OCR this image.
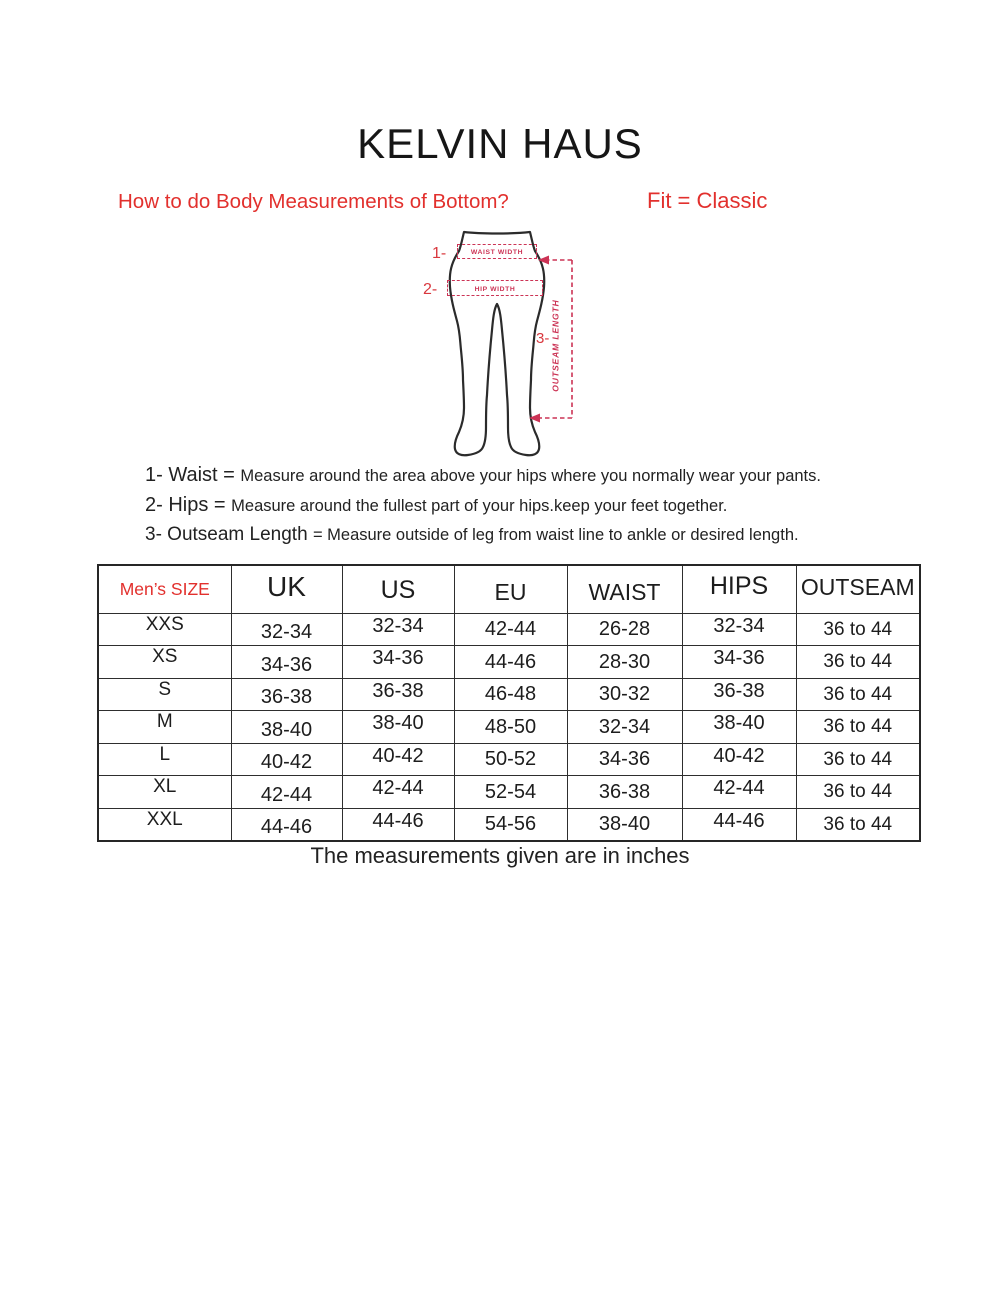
KELVIN HAUS
How to do Body Measurements of Bottom?	Fit = Classic
1-	WAIST WIDTH
2-	HIP WIDTH
3- OUTSEAM LENGTH
1- Waist = Measure around the area above your hips where you normally wear your pants.
2- Hips = Measure around the fullest part of your hips.keep your feet together.
3- Outseam Length = Measure outside of leg from waist line to ankle or desired length.
Men’s SIZE	UK	US	EU	WAIST	HIPS	OUTSEAM
XXS	32-34	32-34	42-44	26-28	32-34	36 to 44
XS	34-36	34-36	44-46	28-30	34-36	36 to 44
S	36-38	36-38	46-48	30-32	36-38	36 to 44
M	38-40	38-40	48-50	32-34	38-40	36 to 44
L	40-42	40-42	50-52	34-36	40-42	36 to 44
XL	42-44	42-44	52-54	36-38	42-44	36 to 44
XXL	44-46	44-46	54-56	38-40	44-46	36 to 44
The measurements given are in inches
